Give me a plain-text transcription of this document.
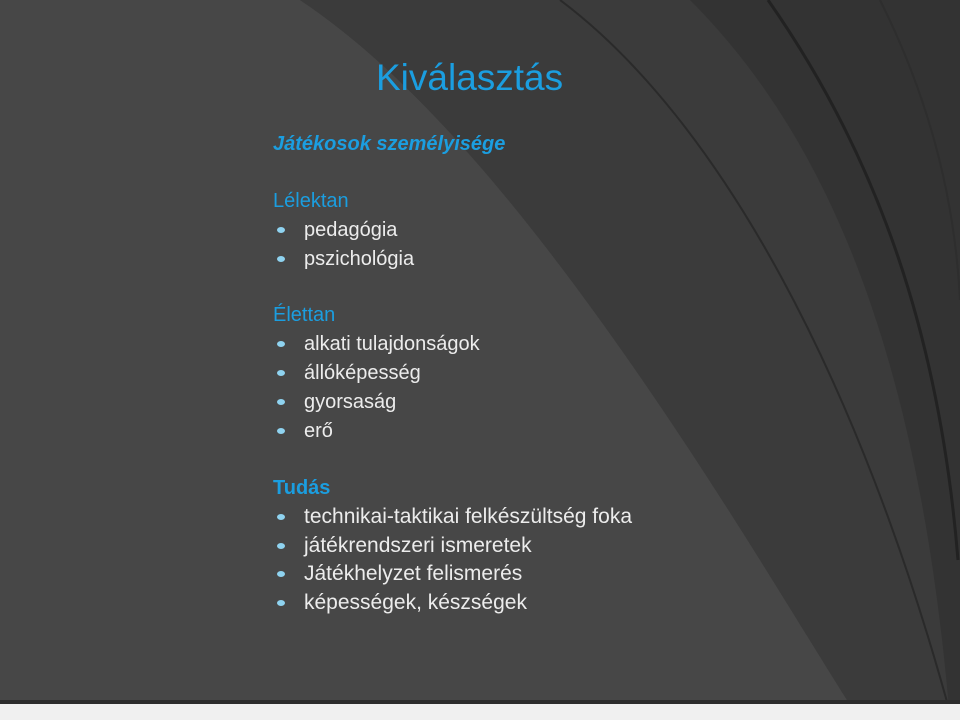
Kiválasztás
Játékosok személyisége
Lélektan
pedagógia
pszichológia
Élettan
alkati tulajdonságok
állóképesség
gyorsaság
erő
Tudás
technikai-taktikai felkészültség foka
játékrendszeri ismeretek
Játékhelyzet felismerés
képességek, készségek
